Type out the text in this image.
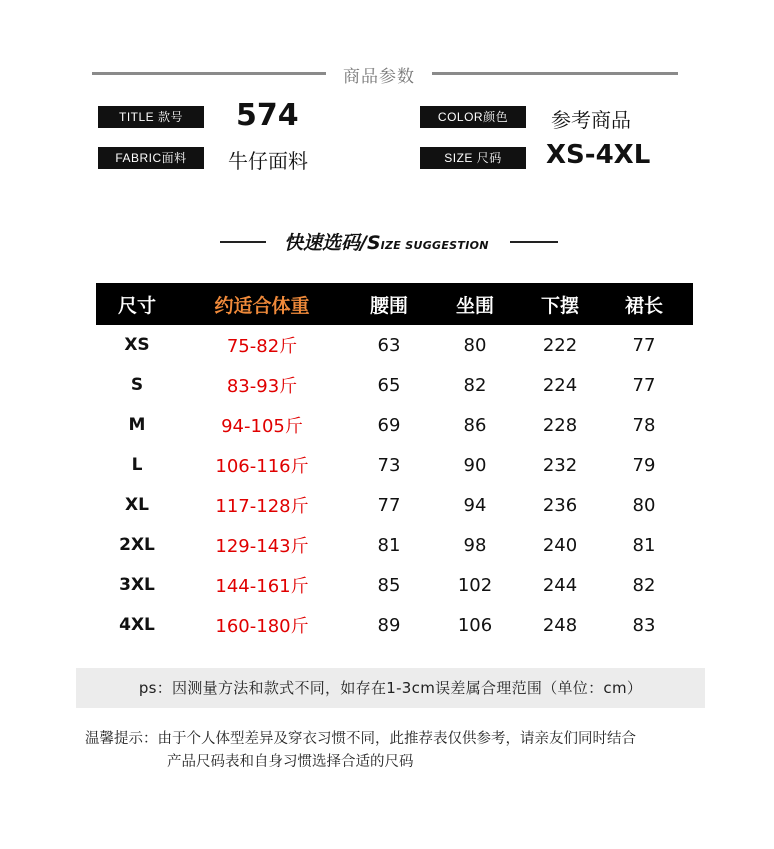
商品参数
TITLE 款号	574	COLOR颜色	参考商品
FABRIC面料	牛仔面料	SIZE 尺码	XS-4XL
快速选码/SIZE SUGGESTION
尺寸	约适合体重	腰围	坐围	下摆	裙长
XS	75-82斤	63	80	222	77
S	83-93斤	65	82	224	77
M	94-105斤	69	86	228	78
L	106-116斤	73	90	232	79
XL	117-128斤	77	94	236	80
2XL	129-143斤	81	98	240	81
3XL	144-161斤	85	102	244	82
4XL	160-180斤	89	106	248	83
ps：因测量方法和款式不同，如存在1-3cm误差属合理范围（单位：cm）
温馨提示：由于个人体型差异及穿衣习惯不同，此推荐表仅供参考，请亲友们同时结合
产品尺码表和自身习惯选择合适的尺码
